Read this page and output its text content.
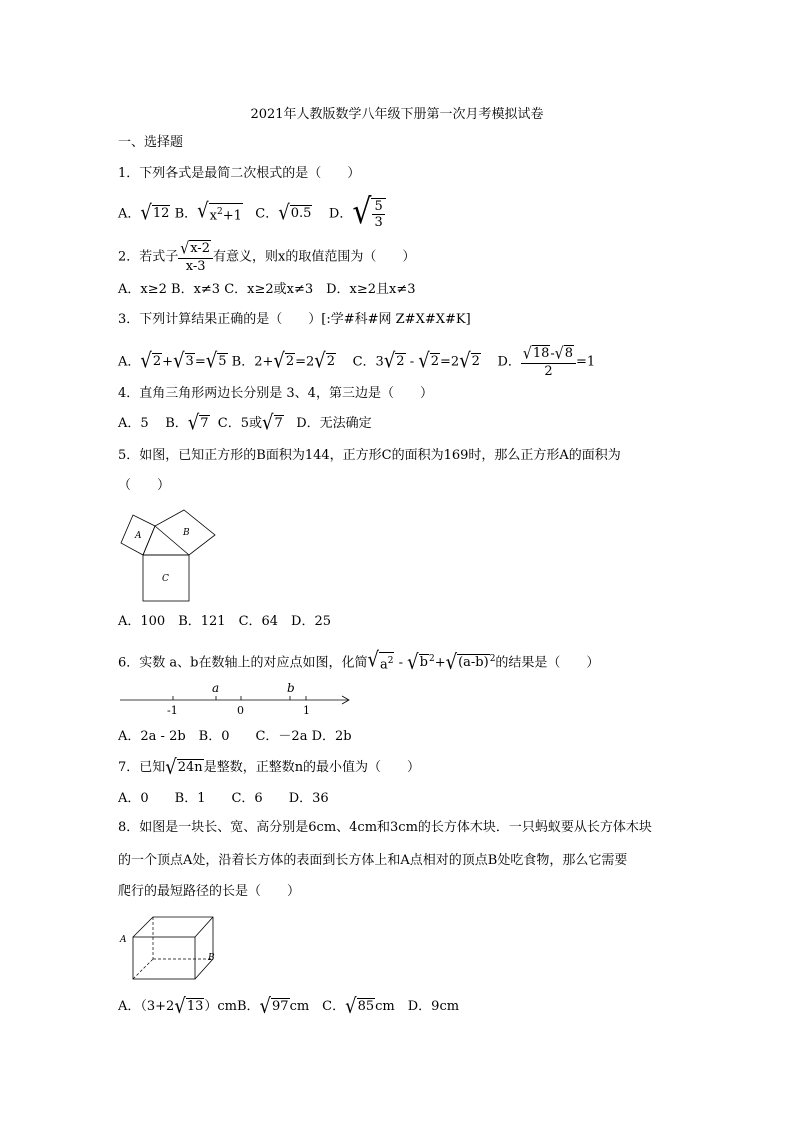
2021年人教版数学八年级下册第一次月考模拟试卷
一、选择题
1．下列各式是最简二次根式的是（　　）
A． √ 12 B． √ $x^2+1$ C． √ 0.5 D． √ $\frac{5}{3}$
2．若式子 $\frac{√ x-2}{x-3}$ 有意义，则x的取值范围为（　　）
A．x≥2 B．x≠3 C．x≥2或x≠3　D．x≥2且x≠3
3．下列计算结果正确的是（　　）[:学#科#网 Z#X#X#K]
A． √ 2 + √ 3 = √ 5 B．2+ √ 2 =2 √ 2 C．3 √ 2 - √ 2 =2 √ 2 D． $\frac{√ 18 - √ 8}{2} =1$
4．直角三角形两边长分别是 3、4，第三边是（　　）
A．5 B． √ 7 C．5或 √ 7 D．无法确定
5．如图，已知正方形的B面积为144，正方形C的面积为169时，那么正方形A的面积为
（　　）
A	B
C
A．100　B．121　C．64　D．25
6．实数 a、b在数轴上的对应点如图，化简 √ $a^2$ - √ b $^2$+ √ (a-b) $^2$的结果是（　　）
a	b
-1	0	1
A．2a - 2b　B．0　　C．－2a D．2b
7．已知 √ 24n 是整数，正整数n的最小值为（　　）
A．0　　B．1　　C．6　　D．36
8．如图是一块长、宽、高分别是6cm、4cm和3cm的长方体木块．一只蚂蚁要从长方体木块
的一个顶点A处，沿着长方体的表面到长方体上和A点相对的顶点B处吃食物，那么它需要
爬行的最短路径的长是（　　）
A
B
A．（3+2 √ 13 ）cmB． √ 97 cm　C． √ 85 cm　D．9cm
